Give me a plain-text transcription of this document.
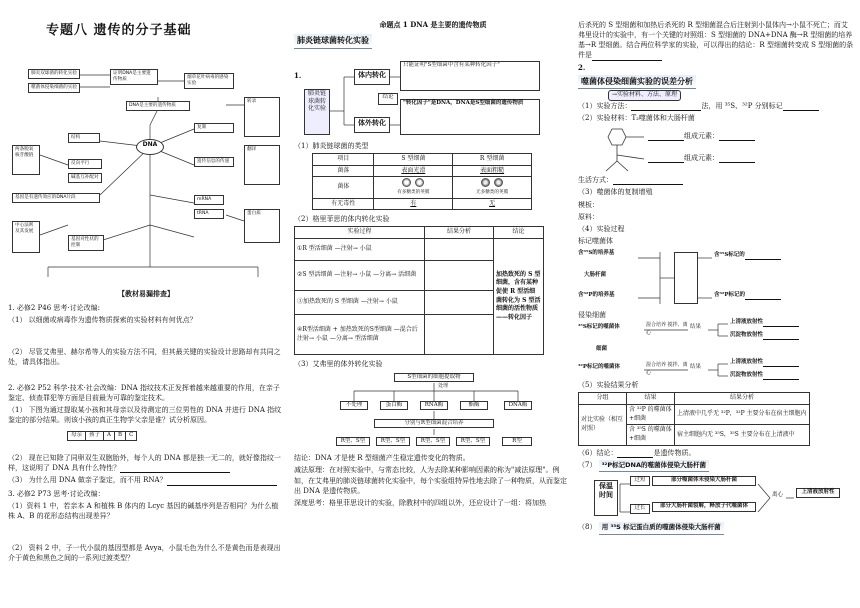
专题八 遗传的分子基础
肺炎双球菌的转化实验
噬菌体侵染细菌的实验
证明DNA是主要遗传物质	烟草花叶病毒的感染实验
DNA是主要的遗传物质
结构
DNA
复制
两条脱氧核苷酸链
反向平行
碱基互补配对
遗传信息的传递
转录
翻译
mRNA
tRNA	蛋白质
基因是有遗传效应的DNA片段
中心法则及其发展
基因对性状的控制
【教材易漏排查】

1. 必修2 P46 思考·讨论改编:

（1） 以细菌或病毒作为遗传物质探索的实验材料有何优点？

（2） 尽管艾弗里、赫尔希等人的实验方法不同，但其最关键的实验设计思路却有共同之处，请具体指出。

2. 必修2 P52 科学·技术·社会改编：DNA 指纹技术正发挥着越来越重要的作用，在亲子鉴定、侦查罪犯等方面是目前最为可靠的鉴定技术。

（1） 下图为通过提取某小孩和其母亲以及待测定的三位男性的 DNA 并进行 DNA 指纹鉴定的部分结果。则该小孩的真正生物学父亲是谁？试分析原因。

母亲 孩子 A B C

（2） 现在已知除了同卵双生双胞胎外，每个人的 DNA 都是独一无二的，就好像指纹一样，这说明了 DNA 具有什么特性？

（3） 为什么用 DNA 做亲子鉴定，而不用 RNA？

3. 必修2 P73 思考·讨论改编：

（1）资料 1 中，若亲本 A 和植株 B 体内的 Lcyc 基因的碱基序列是否相同？为什么植株 A、B 的花形态结构出现差异？

（2） 资料 2 中，子一代小鼠的基因型都是 Avya，小鼠毛色为什么不是黄色而是表现出介于黄色和黑色之间的一系列过渡类型？

命题点 1 DNA 是主要的遗传物质
肺炎链球菌转化实验
1.
肺炎链球菌转化实验
体内转化
体外转化
只能证明"S型细菌中含有某种转化因子"
"转化因子"是DNA，DNA是S型细菌的遗传物质
结论

（1）肺炎链球菌的类型

项目	S 型细菌	R 型细菌
菌落	表面光滑	表面粗糙
菌体	有多糖类的荚膜	无多糖类的荚膜
有无毒性	有	无

（2）格里菲思的体内转化实验

实验过程	结果分析	结论
①R 型活细菌 —注射→ 小鼠		加热致死的 S 型细菌，含有某种促使 R 型活细菌转化为 S 型活细菌的活性物质——转化因子
②S 型活细菌 —注射→ 小鼠 —分离→ 活细菌		
③加热致死的 S 型细菌 —注射→ 小鼠		
④R型活细菌 + 加热致死的S型细菌 —混合后注射→ 小鼠 —分离→ 型活细菌		

（3）艾弗里的体外转化实验

S型细菌的细胞提取物
处理
不处理	蛋白酶	RNA酶	酯酶	DNA酶
分别与R型细菌混合培养
R型、S型	R型、S型	R型、S型	R型、S型	R型

结论：DNA 才是使 R 型细菌产生稳定遗传变化的物质。

减法原理：在对照实验中，与常态比较，人为去除某种影响因素的称为"减法原理"。例如，在艾弗里的肺炎链球菌转化实验中，每个实验组特异性地去除了一种物质，从而鉴定出 DNA 是遗传物质。

深度思考：格里菲思设计的实验，除教材中的四组以外，还应设计了一组：将加热

后杀死的 S 型细菌和加热后杀死的 R 型细菌混合后注射到小鼠体内→小鼠不死亡；而艾弗里设计的实验中，有一个关键的对照组：S 型细菌的 DNA+DNA 酶→R 型细菌的培养基→R 型细菌。结合两位科学家的实验，可以得出的结论：R 型细菌转变成 S 型细菌的条件是

2.

噬菌体侵染细菌实验的误差分析
→实验材料、方法、原理

（1）实验方法：	法，用 ³⁵S、³²P 分别标记

（2）实验材料：T₂噬菌体和大肠杆菌

组成元素：
组成元素：

生活方式：

（3）噬菌体的复制增殖

模板：

原料：

（4）实验过程

标记噬菌体

含³⁵S的培养基
大肠杆菌
含³²P的培养基
含³⁵S标记的
含³²P标记的

侵染细菌

³⁵S标记的噬菌体
细菌
³²P标记的噬菌体
混合培养 搅拌、离心
混合培养 搅拌、离心
结果
结果
上清液放射性
沉淀物放射性
上清液放射性
沉淀物放射性

（5）实验结果分析

分组	结果	结果分析
对比实验（相互对照）	含 ³²P 的噬菌体+细菌	上清液中几乎无 ³²P，³²P 主要分布在宿主细胞内
	含 ³⁵S 的噬菌体+细菌	宿主细胞内无 ³⁵S，³⁵S 主要分布在上清液中

（6）结论：	是遗传物质。

（7） ³²P标记DNA的噬菌体侵染大肠杆菌

保温时间
过短	部分噬菌体未侵染大肠杆菌
过长	部分大肠杆菌裂解，释放子代噬菌体
离心	上清液放射性

（8） 用 ³⁵S 标记蛋白质的噬菌体侵染大肠杆菌
